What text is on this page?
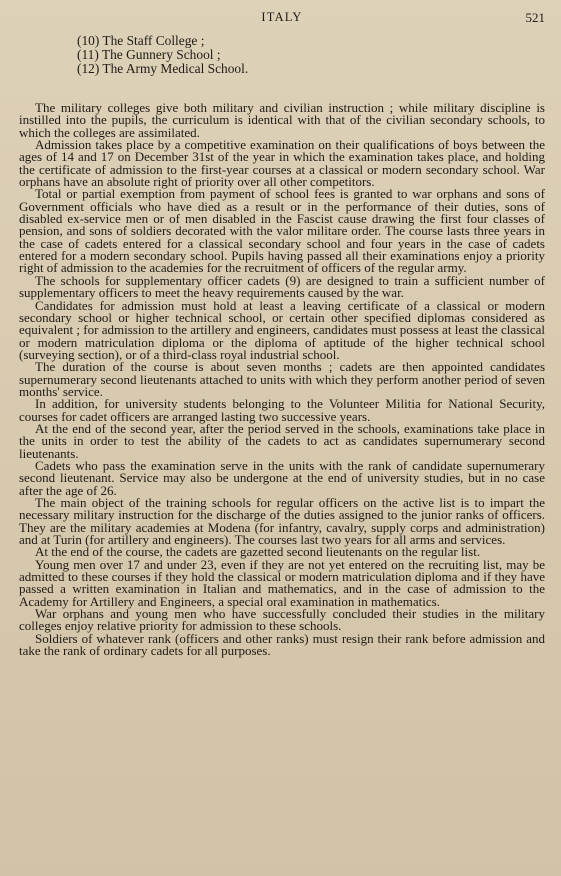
ITALY	521
(10) The Staff College ;
(11) The Gunnery School ;
(12) The Army Medical School.

The military colleges give both military and civilian instruction ; while military discipline is instilled into the pupils, the curriculum is identical with that of the civilian secondary schools, to which the colleges are assimilated.

Admission takes place by a competitive examination on their qualifications of boys between the ages of 14 and 17 on December 31st of the year in which the examination takes place, and holding the certificate of admission to the first-year courses at a classical or modern secondary school. War orphans have an absolute right of priority over all other competitors.

Total or partial exemption from payment of school fees is granted to war orphans and sons of Government officials who have died as a result or in the performance of their duties, sons of disabled ex-service men or of men disabled in the Fascist cause drawing the first four classes of pension, and sons of soldiers decorated with the valor militare order. The course lasts three years in the case of cadets entered for a classical secondary school and four years in the case of cadets entered for a modern secondary school. Pupils having passed all their examinations enjoy a priority right of admission to the academies for the recruitment of officers of the regular army.

The schools for supplementary officer cadets (9) are designed to train a sufficient number of supplementary officers to meet the heavy requirements caused by the war.

Candidates for admission must hold at least a leaving certificate of a classical or modern secondary school or higher technical school, or certain other specified diplomas considered as equivalent ; for admission to the artillery and engineers, candidates must possess at least the classical or modern matriculation diploma or the diploma of aptitude of the higher technical school (surveying section), or of a third-class royal industrial school.

The duration of the course is about seven months ; cadets are then appointed candidates supernumerary second lieutenants attached to units with which they perform another period of seven months' service.

In addition, for university students belonging to the Volunteer Militia for National Security, courses for cadet officers are arranged lasting two successive years.

At the end of the second year, after the period served in the schools, examinations take place in the units in order to test the ability of the cadets to act as candidates supernumerary second lieutenants.

Cadets who pass the examination serve in the units with the rank of candidate supernumerary second lieutenant. Service may also be undergone at the end of university studies, but in no case after the age of 26.

The main object of the training schools for regular officers on the active list is to impart the necessary military instruction for the discharge of the duties assigned to the junior ranks of officers. They are the military academies at Modena (for infantry, cavalry, supply corps and administration) and at Turin (for artillery and engineers). The courses last two years for all arms and services.

At the end of the course, the cadets are gazetted second lieutenants on the regular list.

Young men over 17 and under 23, even if they are not yet entered on the recruiting list, may be admitted to these courses if they hold the classical or modern matriculation diploma and if they have passed a written examination in Italian and mathematics, and in the case of admission to the Academy for Artillery and Engineers, a special oral examination in mathematics.

War orphans and young men who have successfully concluded their studies in the military colleges enjoy relative priority for admission to these schools.

Soldiers of whatever rank (officers and other ranks) must resign their rank before admission and take the rank of ordinary cadets for all purposes.
